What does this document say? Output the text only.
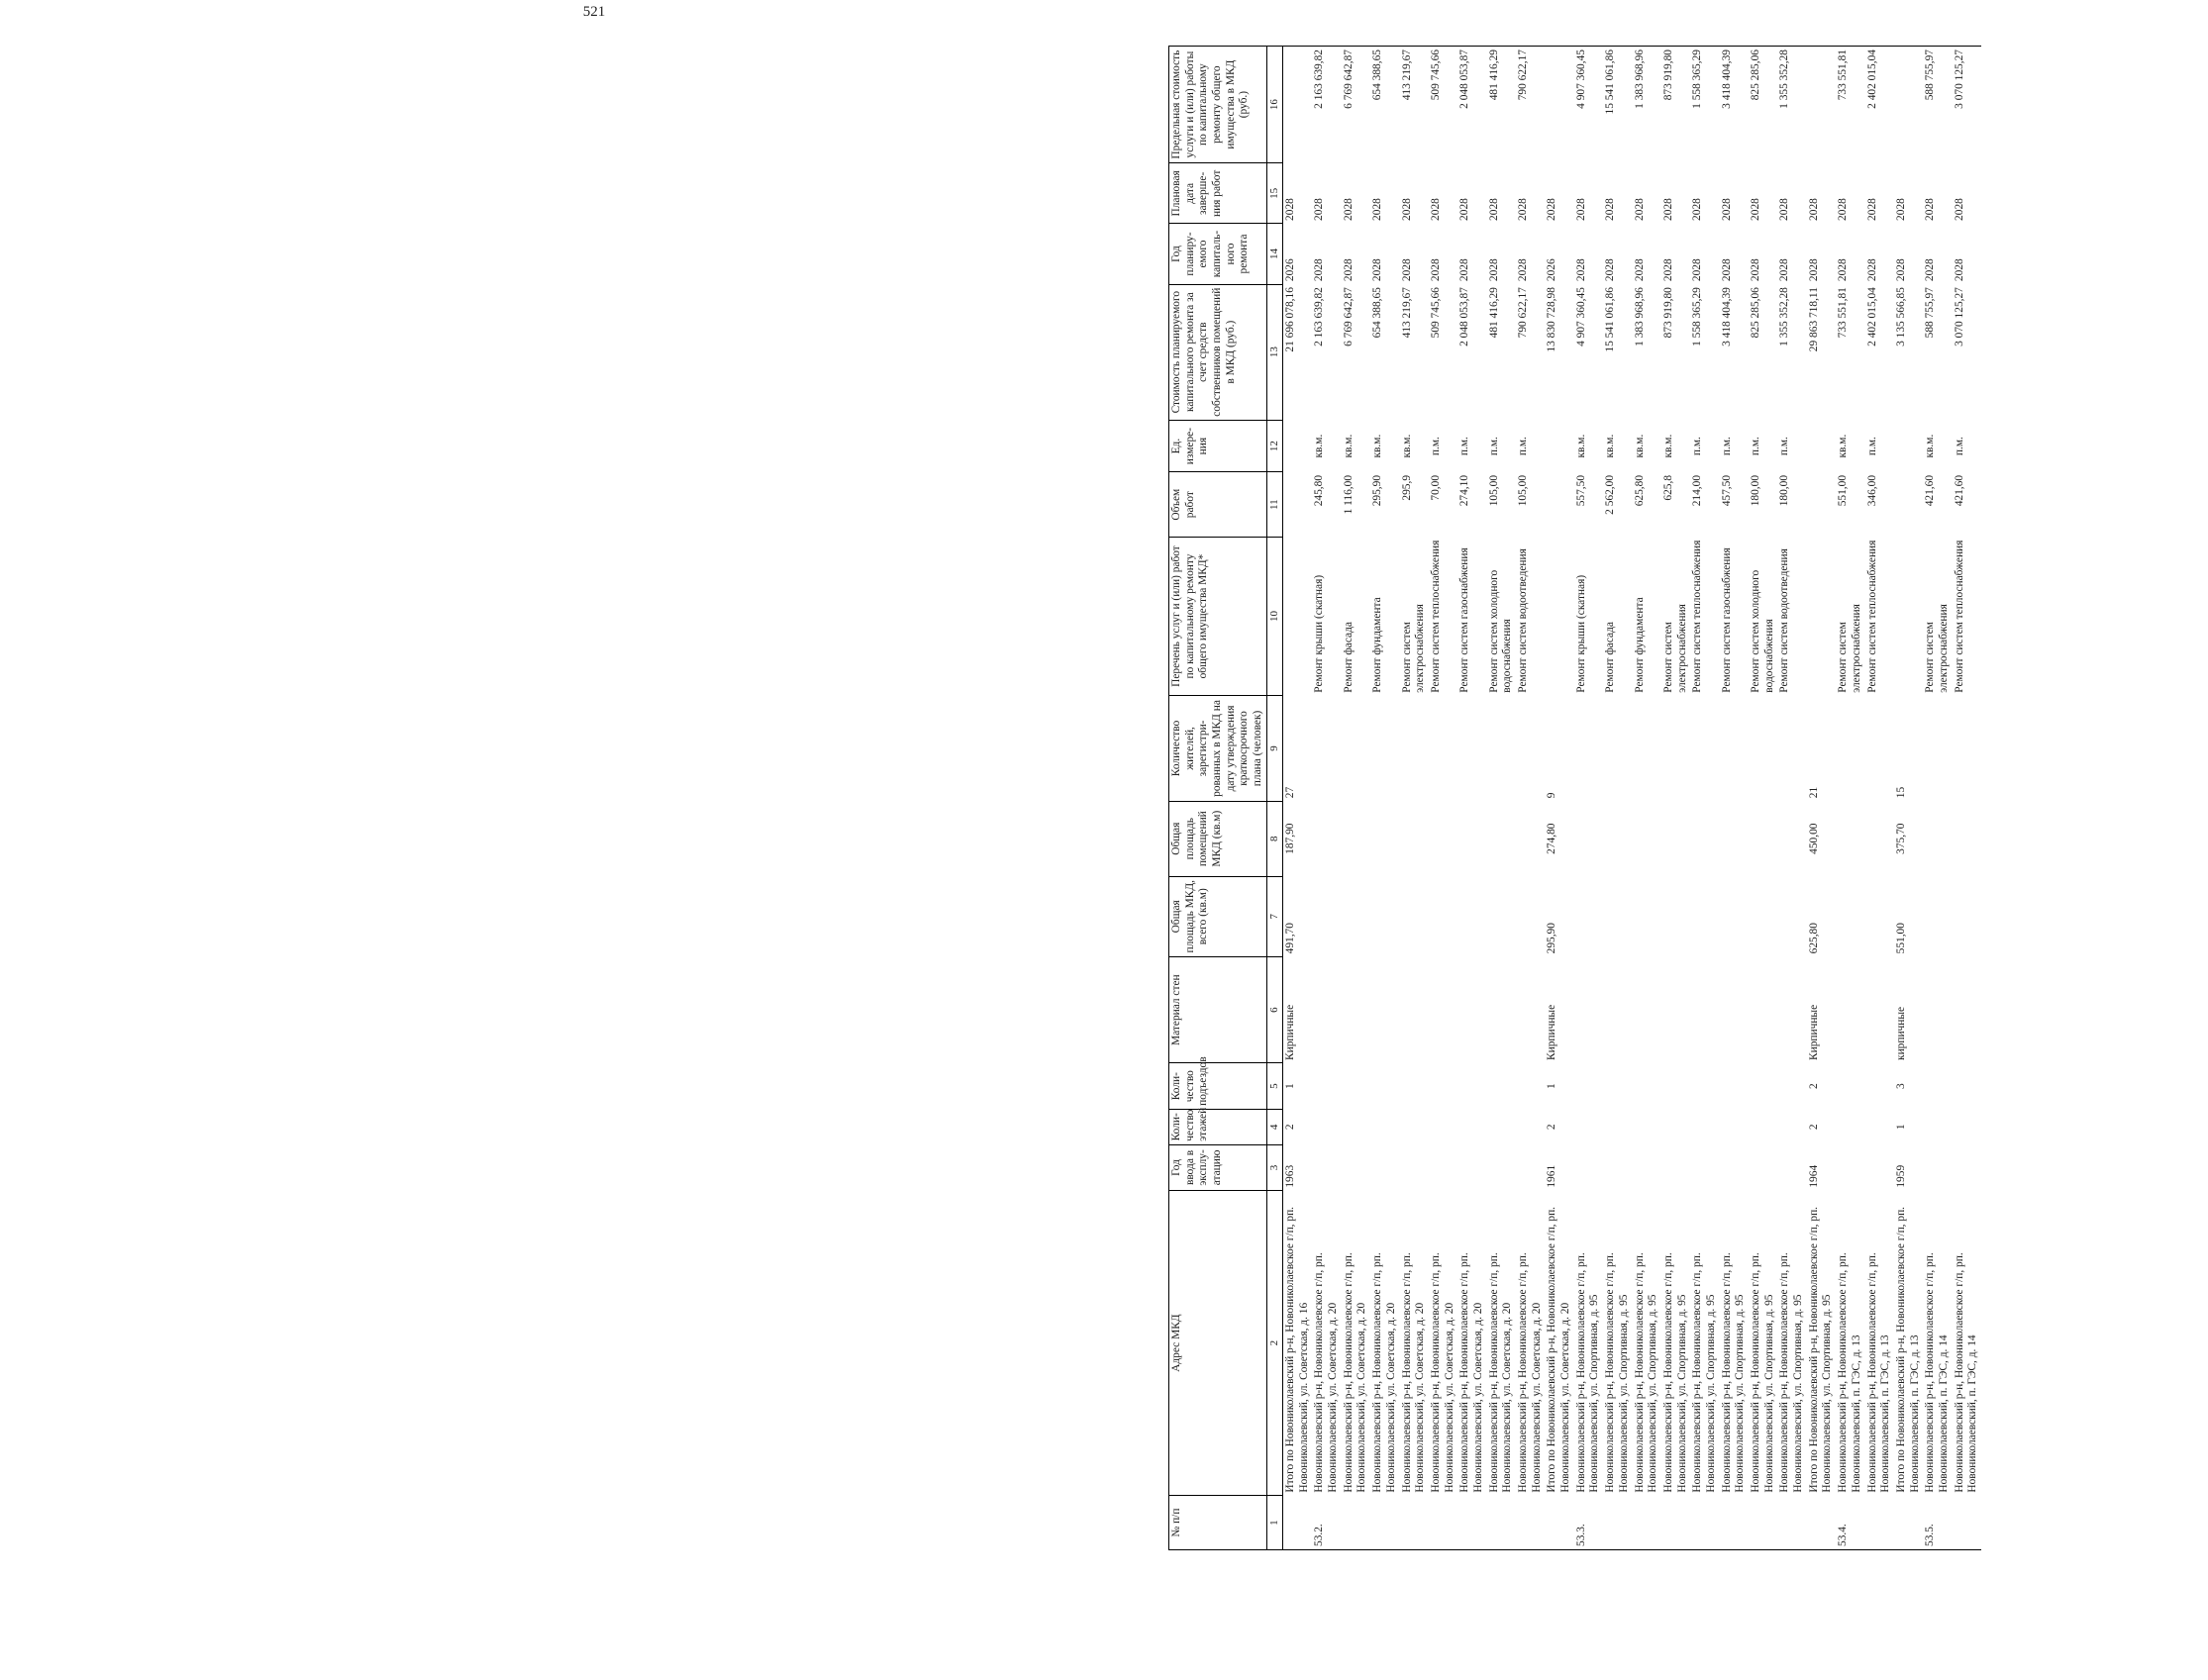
521
№ п/п	Адрес МКД	Год ввода в эксплу-атацию	Коли-чество этажей	Коли-чество подъездов	Материал стен	Общая площадь МКД, всего (кв.м)	Общая площадь помещений МКД (кв.м)	Количество жителей, зарегистри-рованных в МКД на дату утверждения краткосрочного плана (человек)	Перечень услуг и (или) работ по капитальному ремонту общего имущества МКД*	Объем работ	Ед. измере-ния	Стоимость планируемого капитального ремонта за счет средств собственников помещений в МКД (руб.)	Год планиру-емого капиталь-ного ремонта	Плановая дата заверше-ния работ	Предельная стоимость услуги и (или) работы по капитальному ремонту общего имущества в МКД (руб.)
1	2	3	4	5	6	7	8	9	10	11	12	13	14	15	16
	Итого по Новониколаевский р-н, Новониколаевское г/п, рп. Новониколаевский, ул. Советская, д. 16	1963	2	1	Кирпичные	491,70	187,90	27				21 696 078,16	2026	2028	
53.2.	Новониколаевский р-н, Новониколаевское г/п, рп. Новониколаевский, ул. Советская, д. 20								Ремонт крыши (скатная)	245,80	кв.м.	2 163 639,82	2028	2028	2 163 639,82
	Новониколаевский р-н, Новониколаевское г/п, рп. Новониколаевский, ул. Советская, д. 20								Ремонт фасада	1 116,00	кв.м.	6 769 642,87	2028	2028	6 769 642,87
	Новониколаевский р-н, Новониколаевское г/п, рп. Новониколаевский, ул. Советская, д. 20								Ремонт фундамента	295,90	кв.м.	654 388,65	2028	2028	654 388,65
	Новониколаевский р-н, Новониколаевское г/п, рп. Новониколаевский, ул. Советская, д. 20								Ремонт систем электроснабжения	295,9	кв.м.	413 219,67	2028	2028	413 219,67
	Новониколаевский р-н, Новониколаевское г/п, рп. Новониколаевский, ул. Советская, д. 20								Ремонт систем теплоснабжения	70,00	п.м.	509 745,66	2028	2028	509 745,66
	Новониколаевский р-н, Новониколаевское г/п, рп. Новониколаевский, ул. Советская, д. 20								Ремонт систем газоснабжения	274,10	п.м.	2 048 053,87	2028	2028	2 048 053,87
	Новониколаевский р-н, Новониколаевское г/п, рп. Новониколаевский, ул. Советская, д. 20								Ремонт систем холодного водоснабжения	105,00	п.м.	481 416,29	2028	2028	481 416,29
	Новониколаевский р-н, Новониколаевское г/п, рп. Новониколаевский, ул. Советская, д. 20								Ремонт систем водоотведения	105,00	п.м.	790 622,17	2028	2028	790 622,17
	Итого по Новониколаевский р-н, Новониколаевское г/п, рп. Новониколаевский, ул. Советская, д. 20	1961	2	1	Кирпичные	295,90	274,80	9				13 830 728,98	2026	2028	
53.3.	Новониколаевский р-н, Новониколаевское г/п, рп. Новониколаевский, ул. Спортивная, д. 95								Ремонт крыши (скатная)	557,50	кв.м.	4 907 360,45	2028	2028	4 907 360,45
	Новониколаевский р-н, Новониколаевское г/п, рп. Новониколаевский, ул. Спортивная, д. 95								Ремонт фасада	2 562,00	кв.м.	15 541 061,86	2028	2028	15 541 061,86
	Новониколаевский р-н, Новониколаевское г/п, рп. Новониколаевский, ул. Спортивная, д. 95								Ремонт фундамента	625,80	кв.м.	1 383 968,96	2028	2028	1 383 968,96
	Новониколаевский р-н, Новониколаевское г/п, рп. Новониколаевский, ул. Спортивная, д. 95								Ремонт систем электроснабжения	625,8	кв.м.	873 919,80	2028	2028	873 919,80
	Новониколаевский р-н, Новониколаевское г/п, рп. Новониколаевский, ул. Спортивная, д. 95								Ремонт систем теплоснабжения	214,00	п.м.	1 558 365,29	2028	2028	1 558 365,29
	Новониколаевский р-н, Новониколаевское г/п, рп. Новониколаевский, ул. Спортивная, д. 95								Ремонт систем газоснабжения	457,50	п.м.	3 418 404,39	2028	2028	3 418 404,39
	Новониколаевский р-н, Новониколаевское г/п, рп. Новониколаевский, ул. Спортивная, д. 95								Ремонт систем холодного водоснабжения	180,00	п.м.	825 285,06	2028	2028	825 285,06
	Новониколаевский р-н, Новониколаевское г/п, рп. Новониколаевский, ул. Спортивная, д. 95								Ремонт систем водоотведения	180,00	п.м.	1 355 352,28	2028	2028	1 355 352,28
	Итого по Новониколаевский р-н, Новониколаевское г/п, рп. Новониколаевский, ул. Спортивная, д. 95	1964	2	2	Кирпичные	625,80	450,00	21				29 863 718,11	2028	2028	
53.4.	Новониколаевский р-н, Новониколаевское г/п, рп. Новониколаевский, п. ГЭС, д. 13								Ремонт систем электроснабжения	551,00	кв.м.	733 551,81	2028	2028	733 551,81
	Новониколаевский р-н, Новониколаевское г/п, рп. Новониколаевский, п. ГЭС, д. 13								Ремонт систем теплоснабжения	346,00	п.м.	2 402 015,04	2028	2028	2 402 015,04
	Итого по Новониколаевский р-н, Новониколаевское г/п, рп. Новониколаевский, п. ГЭС, д. 13	1959	1	3	кирпичные	551,00	375,70	15				3 135 566,85	2028	2028	
53.5.	Новониколаевский р-н, Новониколаевское г/п, рп. Новониколаевский, п. ГЭС, д. 14								Ремонт систем электроснабжения	421,60	кв.м.	588 755,97	2028	2028	588 755,97
	Новониколаевский р-н, Новониколаевское г/п, рп. Новониколаевский, п. ГЭС, д. 14								Ремонт систем теплоснабжения	421,60	п.м.	3 070 125,27	2028	2028	3 070 125,27
